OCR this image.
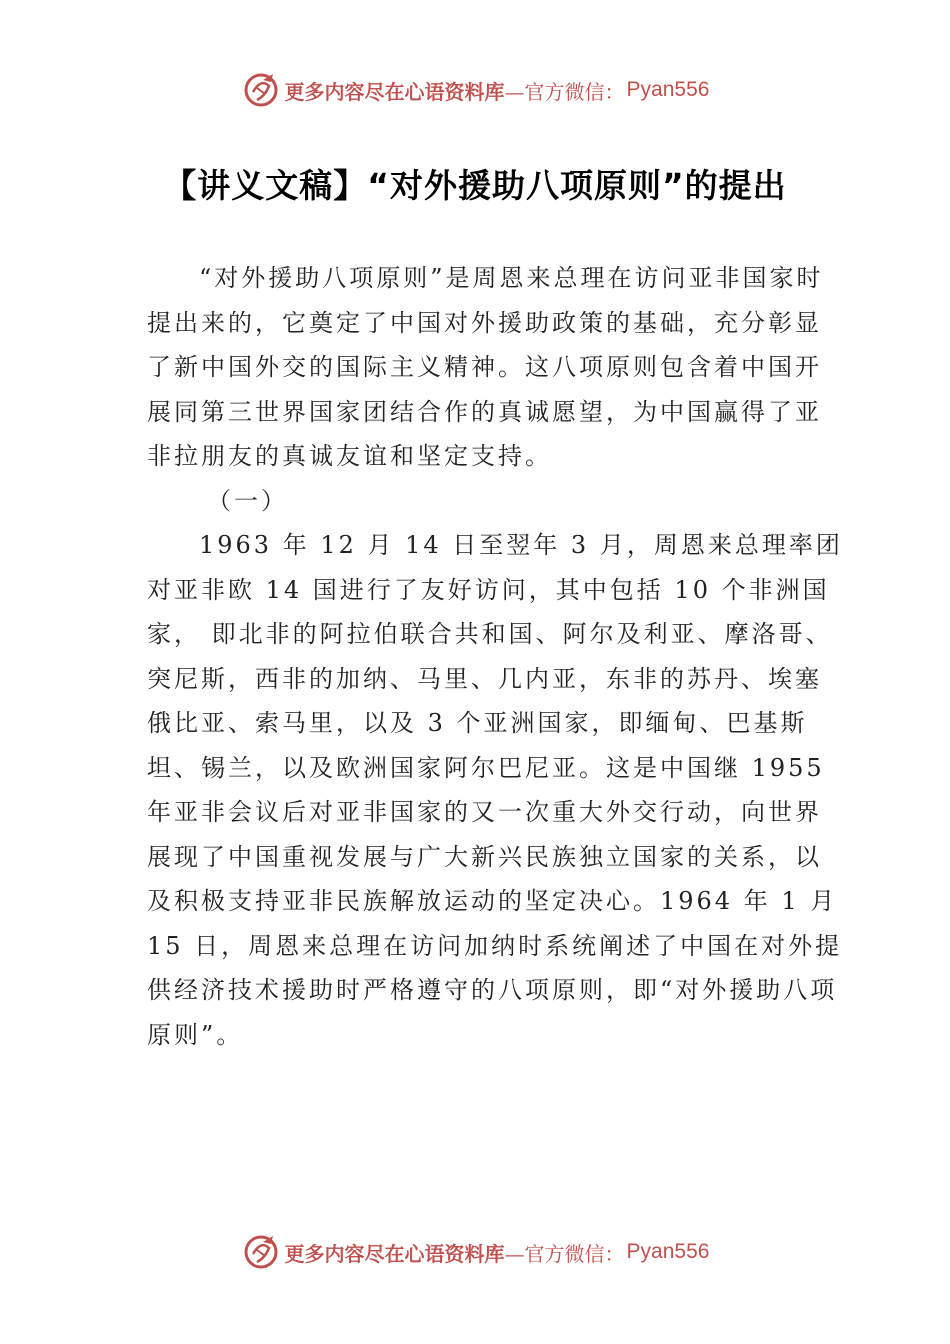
更多内容尽在心语资料库 —官方微信： Pyan556
【讲义文稿】“对外援助八项原则”的提出

“对外援助八项原则”是周恩来总理在访问亚非国家时提出来的，它奠定了中国对外援助政策的基础，充分彰显了新中国外交的国际主义精神。这八项原则包含着中国开展同第三世界国家团结合作的真诚愿望，为中国赢得了亚非拉朋友的真诚友谊和坚定支持。

（一）

1963 年 12 月 14 日至翌年 3 月，周恩来总理率团对亚非欧 14 国进行了友好访问，其中包括 10 个非洲国家， 即北非的阿拉伯联合共和国、阿尔及利亚、摩洛哥、突尼斯，西非的加纳、马里、几内亚，东非的苏丹、埃塞俄比亚、索马里，以及 3 个亚洲国家，即缅甸、巴基斯

坦、锡兰，以及欧洲国家阿尔巴尼亚。这是中国继 1955 年亚非会议后对亚非国家的又一次重大外交行动，向世界展现了中国重视发展与广大新兴民族独立国家的关系，以及积极支持亚非民族解放运动的坚定决心。1964 年 1 月 15 日，周恩来总理在访问加纳时系统阐述了中国在对外提供经济技术援助时严格遵守的八项原则，即“对外援助八项原则”。

更多内容尽在心语资料库 —官方微信： Pyan556
